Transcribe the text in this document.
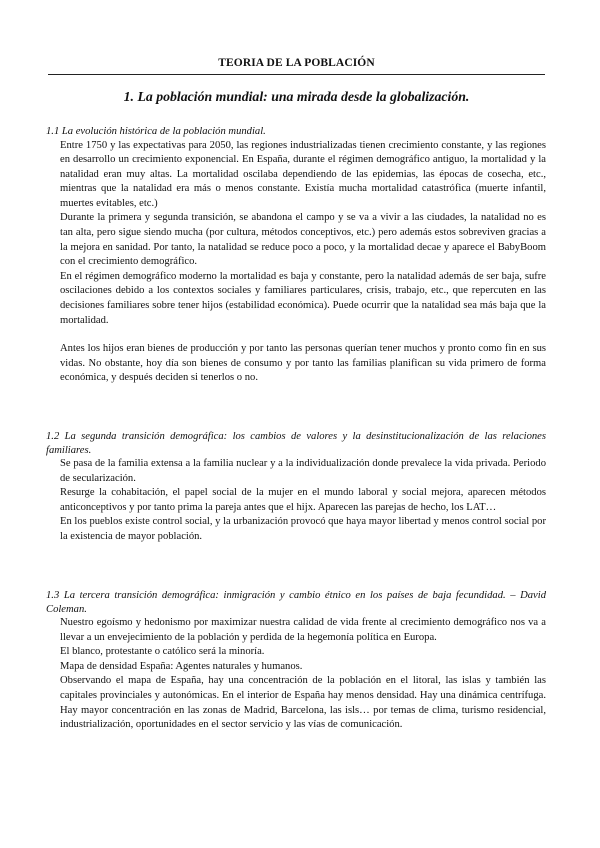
TEORIA DE LA POBLACIÓN
1. La población mundial: una mirada desde la globalización.

1.1 La evolución histórica de la población mundial.

Entre 1750 y las expectativas para 2050, las regiones industrializadas tienen crecimiento constante, y las regiones en desarrollo un crecimiento exponencial. En España, durante el régimen demográfico antiguo, la mortalidad y la natalidad eran muy altas. La mortalidad oscilaba dependiendo de las epidemias, las épocas de cosecha, etc., mientras que la natalidad era más o menos constante. Existía mucha mortalidad catastrófica (muerte infantil, muertes evitables, etc.)

Durante la primera y segunda transición, se abandona el campo y se va a vivir a las ciudades, la natalidad no es tan alta, pero sigue siendo mucha (por cultura, métodos conceptivos, etc.) pero además estos sobreviven gracias a la mejora en sanidad. Por tanto, la natalidad se reduce poco a poco, y la mortalidad decae y aparece el BabyBoom con el crecimiento demográfico.

En el régimen demográfico moderno la mortalidad es baja y constante, pero la natalidad además de ser baja, sufre oscilaciones debido a los contextos sociales y familiares particulares, crisis, trabajo, etc., que repercuten en las decisiones familiares sobre tener hijos (estabilidad económica). Puede ocurrir que la natalidad sea más baja que la mortalidad.

Antes los hijos eran bienes de producción y por tanto las personas querían tener muchos y pronto como fin en sus vidas. No obstante, hoy día son bienes de consumo y por tanto las familias planifican su vida primero de forma económica, y después deciden si tenerlos o no.

1.2 La segunda transición demográfica: los cambios de valores y la desinstitucionalización de las relaciones familiares.

Se pasa de la familia extensa a la familia nuclear y a la individualización donde prevalece la vida privada. Periodo de secularización.

Resurge la cohabitación, el papel social de la mujer en el mundo laboral y social mejora, aparecen métodos anticonceptivos y por tanto prima la pareja antes que el hijx. Aparecen las parejas de hecho, los LAT…

En los pueblos existe control social, y la urbanización provocó que haya mayor libertad y menos control social por la existencia de mayor población.

1.3 La tercera transición demográfica: inmigración y cambio étnico en los países de baja fecundidad. – David Coleman.

Nuestro egoísmo y hedonismo por maximizar nuestra calidad de vida frente al crecimiento demográfico nos va a llevar a un envejecimiento de la población y perdida de la hegemonía política en Europa.

El blanco, protestante o católico será la minoría.

Mapa de densidad España: Agentes naturales y humanos.

Observando el mapa de España, hay una concentración de la población en el litoral, las islas y también las capitales provinciales y autonómicas. En el interior de España hay menos densidad. Hay una dinámica centrífuga. Hay mayor concentración en las zonas de Madrid, Barcelona, las isls… por temas de clima, turismo residencial, industrialización, oportunidades en el sector servicio y las vías de comunicación.
